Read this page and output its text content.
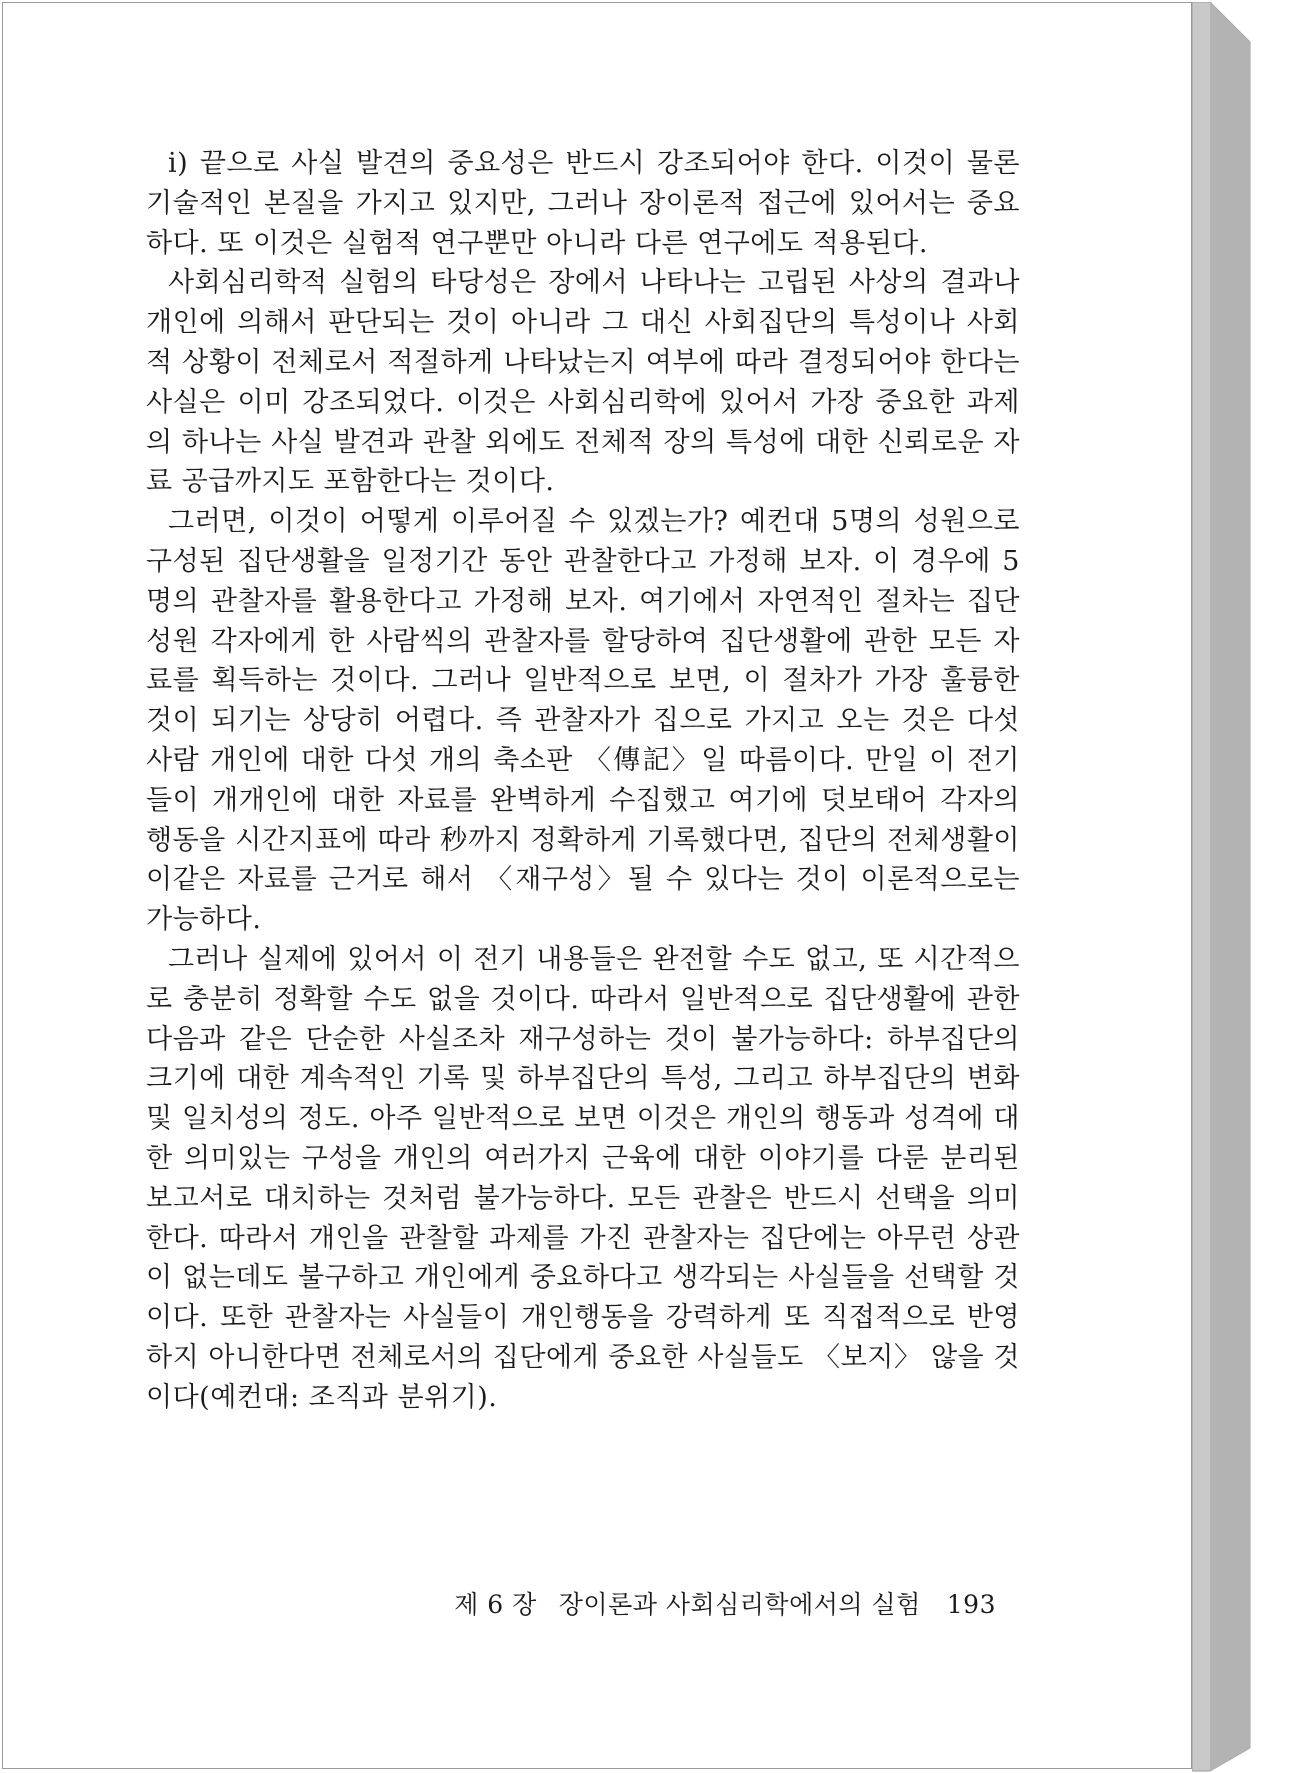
i) 끝으로 사실 발견의 중요성은 반드시 강조되어야 한다. 이것이 물론 기술적인 본질을 가지고 있지만, 그러나 장이론적 접근에 있어서는 중요하다. 또 이것은 실험적 연구뿐만 아니라 다른 연구에도 적용된다.

사회심리학적 실험의 타당성은 장에서 나타나는 고립된 사상의 결과나 개인에 의해서 판단되는 것이 아니라 그 대신 사회집단의 특성이나 사회적 상황이 전체로서 적절하게 나타났는지 여부에 따라 결정되어야 한다는 사실은 이미 강조되었다. 이것은 사회심리학에 있어서 가장 중요한 과제의 하나는 사실 발견과 관찰 외에도 전체적 장의 특성에 대한 신뢰로운 자료 공급까지도 포함한다는 것이다.

그러면, 이것이 어떻게 이루어질 수 있겠는가? 예컨대 5명의 성원으로 구성된 집단생활을 일정기간 동안 관찰한다고 가정해 보자. 이 경우에 5명의 관찰자를 활용한다고 가정해 보자. 여기에서 자연적인 절차는 집단성원 각자에게 한 사람씩의 관찰자를 할당하여 집단생활에 관한 모든 자료를 획득하는 것이다. 그러나 일반적으로 보면, 이 절차가 가장 훌륭한 것이 되기는 상당히 어렵다. 즉 관찰자가 집으로 가지고 오는 것은 다섯 사람 개인에 대한 다섯 개의 축소판 〈傳記〉일 따름이다. 만일 이 전기들이 개개인에 대한 자료를 완벽하게 수집했고 여기에 덧보태어 각자의 행동을 시간지표에 따라 秒까지 정확하게 기록했다면, 집단의 전체생활이 이같은 자료를 근거로 해서 〈재구성〉될 수 있다는 것이 이론적으로는 가능하다.

그러나 실제에 있어서 이 전기 내용들은 완전할 수도 없고, 또 시간적으로 충분히 정확할 수도 없을 것이다. 따라서 일반적으로 집단생활에 관한 다음과 같은 단순한 사실조차 재구성하는 것이 불가능하다: 하부집단의 크기에 대한 계속적인 기록 및 하부집단의 특성, 그리고 하부집단의 변화 및 일치성의 정도. 아주 일반적으로 보면 이것은 개인의 행동과 성격에 대한 의미있는 구성을 개인의 여러가지 근육에 대한 이야기를 다룬 분리된 보고서로 대치하는 것처럼 불가능하다. 모든 관찰은 반드시 선택을 의미한다. 따라서 개인을 관찰할 과제를 가진 관찰자는 집단에는 아무런 상관이 없는데도 불구하고 개인에게 중요하다고 생각되는 사실들을 선택할 것이다. 또한 관찰자는 사실들이 개인행동을 강력하게 또 직접적으로 반영하지 아니한다면 전체로서의 집단에게 중요한 사실들도 〈보지〉 않을 것이다(예컨대: 조직과 분위기).

제 6 장 장이론과 사회심리학에서의 실험 193
